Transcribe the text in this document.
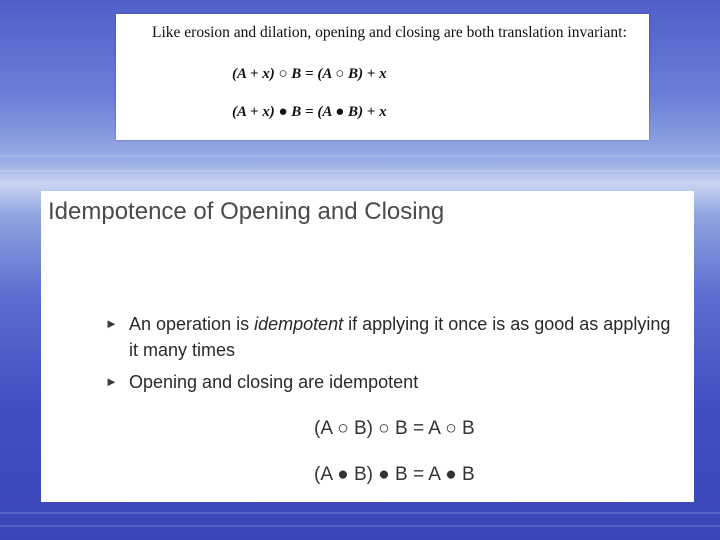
Like erosion and dilation, opening and closing are both translation invariant:
(A + x) ○ B = (A ○ B) + x
(A + x) ● B = (A ● B) + x
Idempotence of Opening and Closing
► An operation is idempotent if applying it once is as good as applying it many times
► Opening and closing are idempotent
(A ○ B) ○ B = A ○ B
(A ● B) ● B = A ● B
